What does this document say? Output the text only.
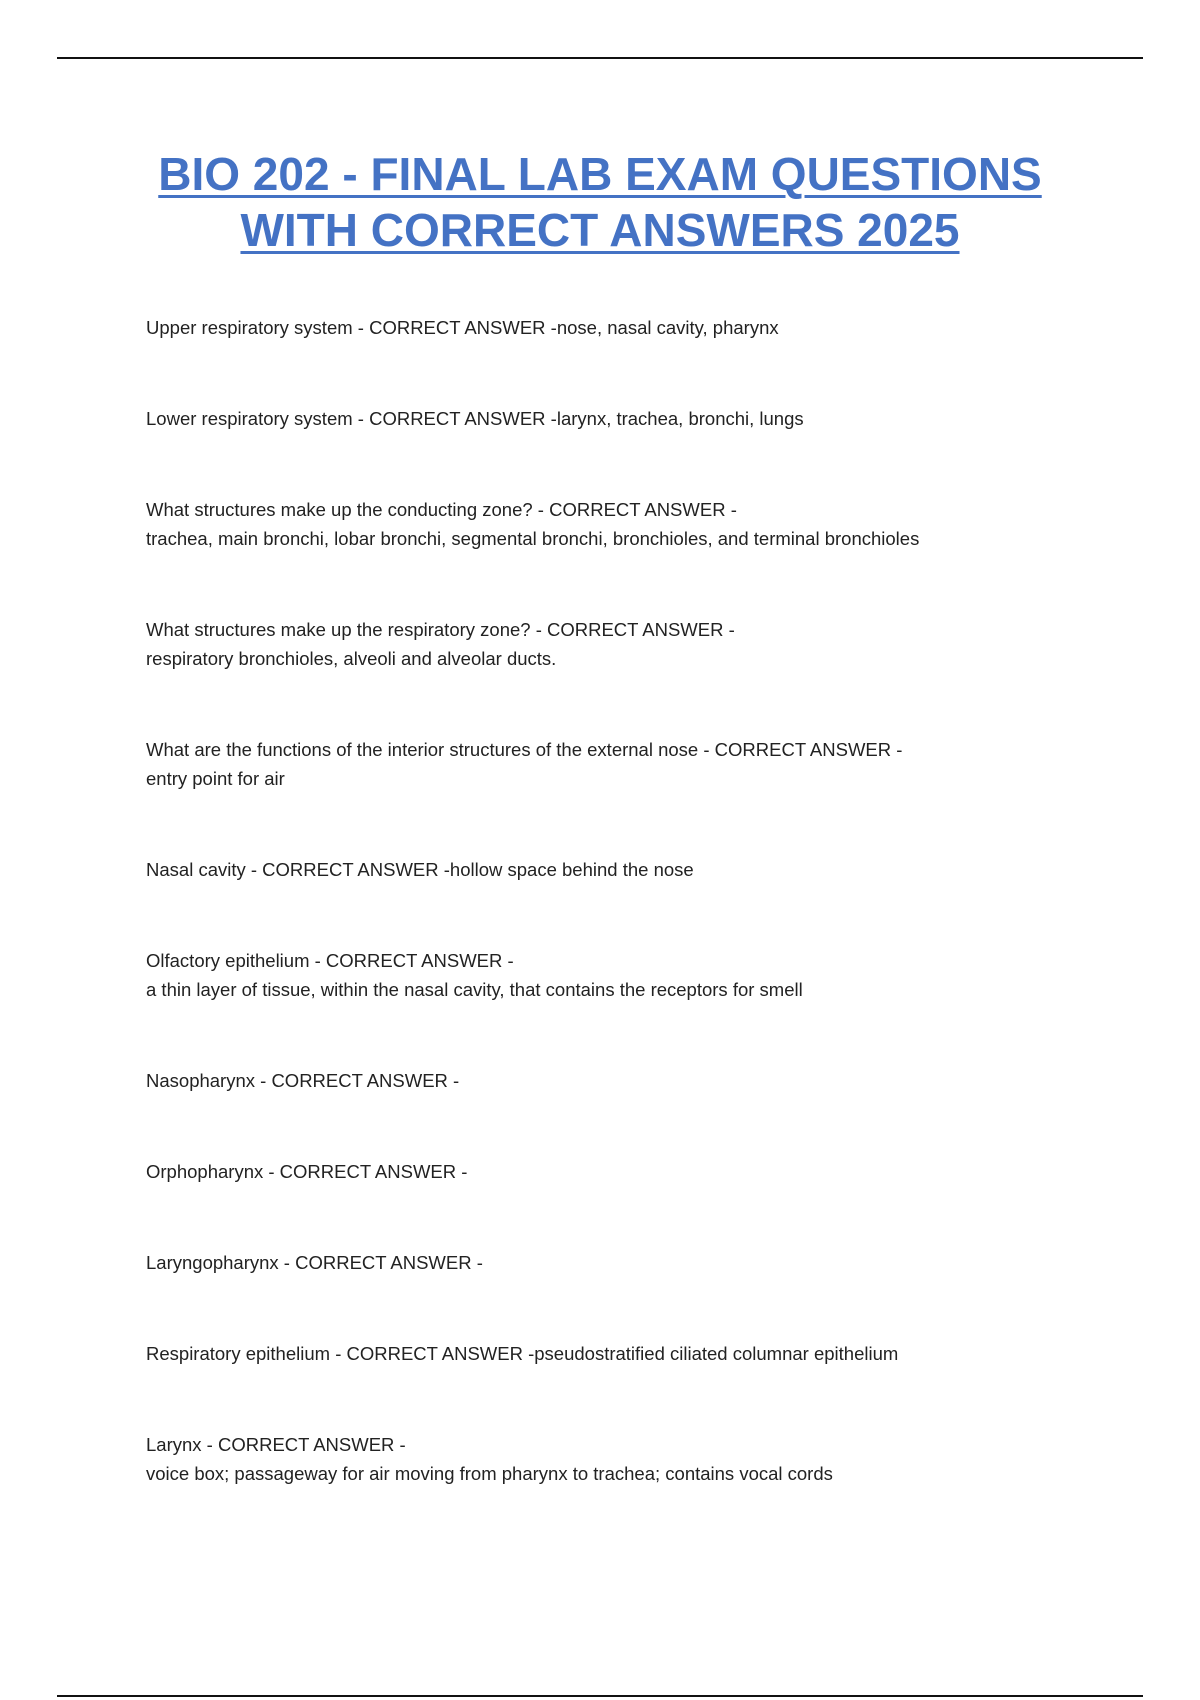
BIO 202 - FINAL LAB EXAM QUESTIONS
WITH CORRECT ANSWERS 2025
Upper respiratory system - CORRECT ANSWER -nose, nasal cavity, pharynx
Lower respiratory system - CORRECT ANSWER -larynx, trachea, bronchi, lungs
What structures make up the conducting zone? - CORRECT ANSWER -
trachea, main bronchi, lobar bronchi, segmental bronchi, bronchioles, and terminal bronchioles
What structures make up the respiratory zone? - CORRECT ANSWER -
respiratory bronchioles, alveoli and alveolar ducts.
What are the functions of the interior structures of the external nose - CORRECT ANSWER -
entry point for air
Nasal cavity - CORRECT ANSWER -hollow space behind the nose
Olfactory epithelium - CORRECT ANSWER -
a thin layer of tissue, within the nasal cavity, that contains the receptors for smell
Nasopharynx - CORRECT ANSWER -
Orphopharynx - CORRECT ANSWER -
Laryngopharynx - CORRECT ANSWER -
Respiratory epithelium - CORRECT ANSWER -pseudostratified ciliated columnar epithelium
Larynx - CORRECT ANSWER -
voice box; passageway for air moving from pharynx to trachea; contains vocal cords
